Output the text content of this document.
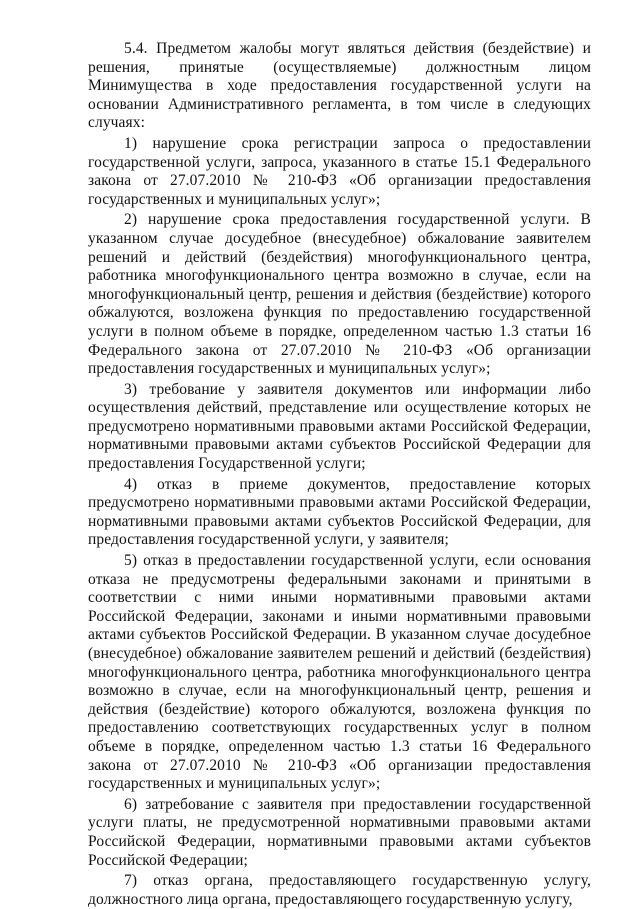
5.4. Предметом жалобы могут являться действия (бездействие) и решения, принятые (осуществляемые) должностным лицом Минимущества в ходе предоставления государственной услуги на основании Административного регламента, в том числе в следующих случаях:

1) нарушение срока регистрации запроса о предоставлении государственной услуги, запроса, указанного в статье 15.1 Федерального закона от 27.07.2010 № 210-ФЗ «Об организации предоставления государственных и муниципальных услуг»;

2) нарушение срока предоставления государственной услуги. В указанном случае досудебное (внесудебное) обжалование заявителем решений и действий (бездействия) многофункционального центра, работника многофункционального центра возможно в случае, если на многофункциональный центр, решения и действия (бездействие) которого обжалуются, возложена функция по предоставлению государственной услуги в полном объеме в порядке, определенном частью 1.3 статьи 16 Федерального закона от 27.07.2010 № 210-ФЗ «Об организации предоставления государственных и муниципальных услуг»;

3) требование у заявителя документов или информации либо осуществления действий, представление или осуществление которых не предусмотрено нормативными правовыми актами Российской Федерации, нормативными правовыми актами субъектов Российской Федерации для предоставления Государственной услуги;

4) отказ в приеме документов, предоставление которых предусмотрено нормативными правовыми актами Российской Федерации, нормативными правовыми актами субъектов Российской Федерации, для предоставления государственной услуги, у заявителя;

5) отказ в предоставлении государственной услуги, если основания отказа не предусмотрены федеральными законами и принятыми в соответствии с ними иными нормативными правовыми актами Российской Федерации, законами и иными нормативными правовыми актами субъектов Российской Федерации. В указанном случае досудебное (внесудебное) обжалование заявителем решений и действий (бездействия) многофункционального центра, работника многофункционального центра возможно в случае, если на многофункциональный центр, решения и действия (бездействие) которого обжалуются, возложена функция по предоставлению соответствующих государственных услуг в полном объеме в порядке, определенном частью 1.3 статьи 16 Федерального закона от 27.07.2010 № 210-ФЗ «Об организации предоставления государственных и муниципальных услуг»;

6) затребование с заявителя при предоставлении государственной услуги платы, не предусмотренной нормативными правовыми актами Российской Федерации, нормативными правовыми актами субъектов Российской Федерации;

7) отказ органа, предоставляющего государственную услугу, должностного лица органа, предоставляющего государственную услугу,
